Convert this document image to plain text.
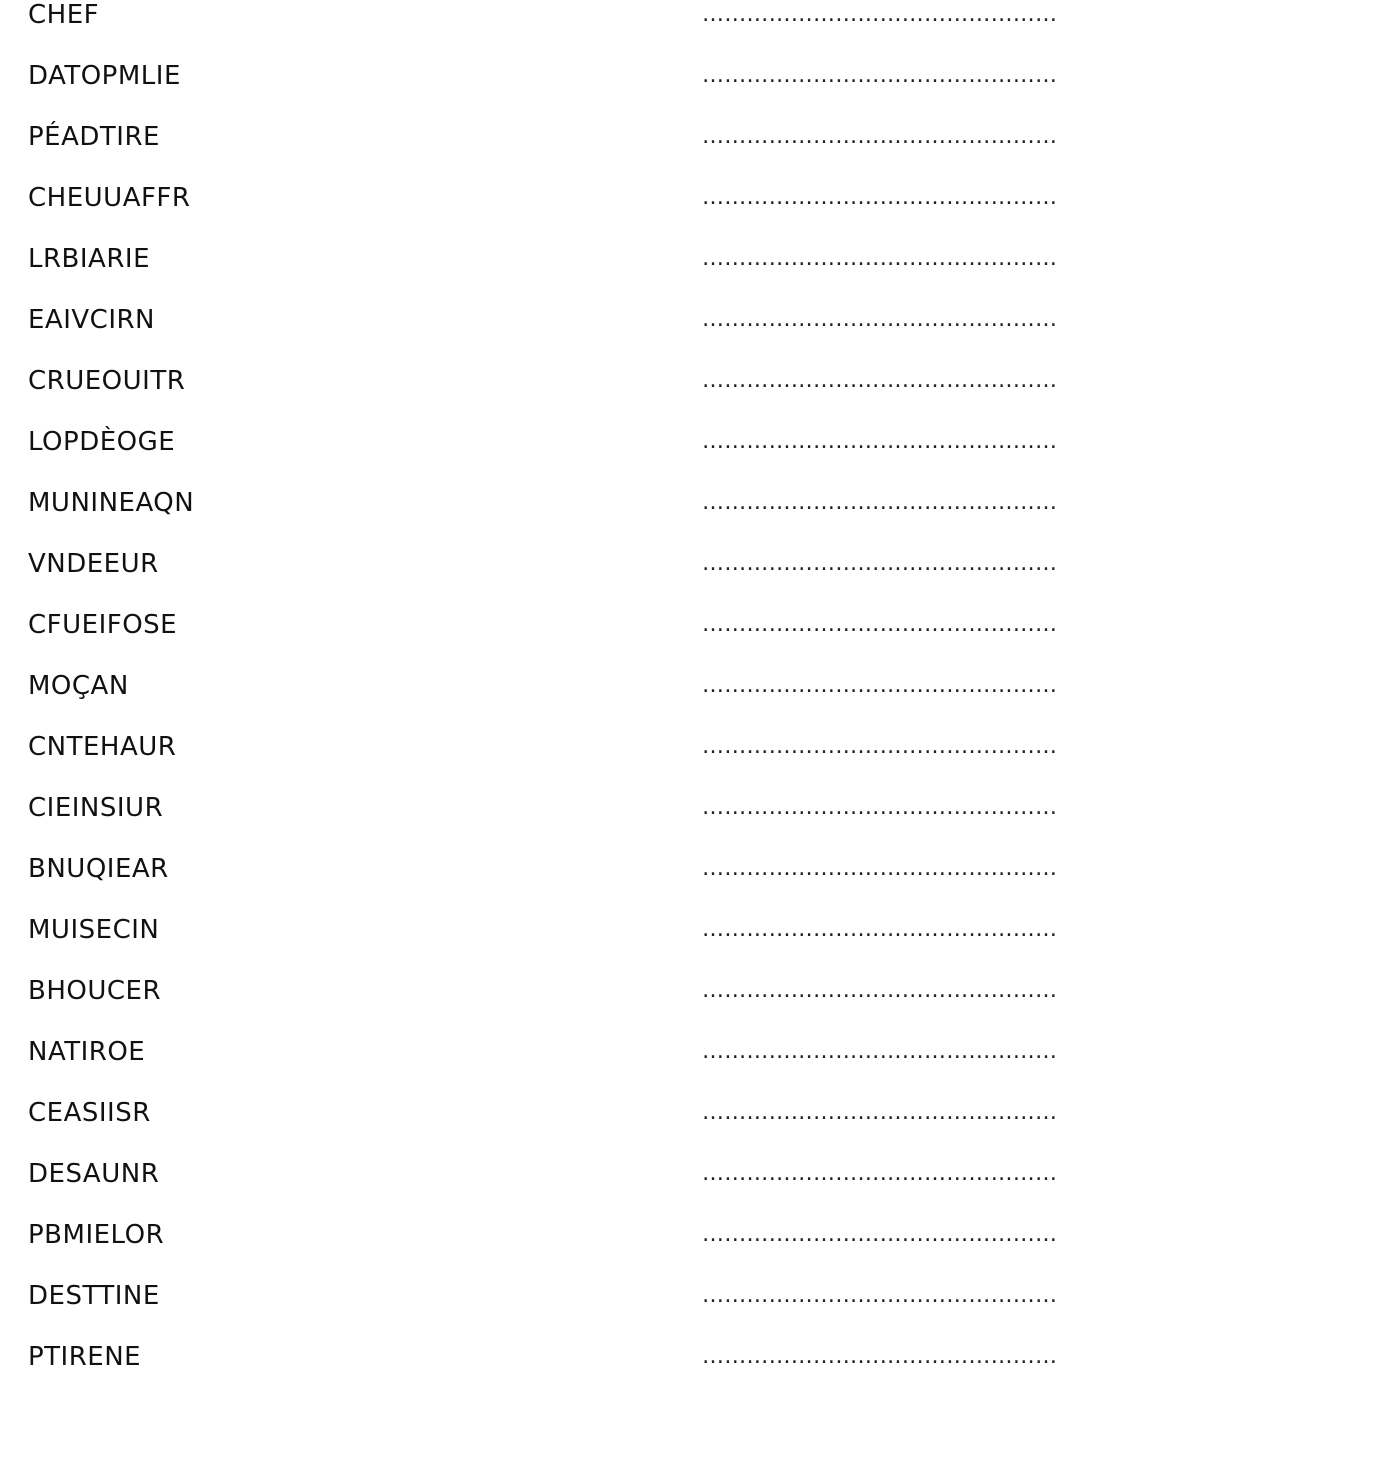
CHEF	…………………………………………
DATOPMLIE	…………………………………………
PÉADTIRE	…………………………………………
CHEUUAFFR	…………………………………………
LRBIARIE	…………………………………………
EAIVCIRN	…………………………………………
CRUEOUITR	…………………………………………
LOPDÈOGE	…………………………………………
MUNINEAQN	…………………………………………
VNDEEUR	…………………………………………
CFUEIFOSE	…………………………………………
MOÇAN	…………………………………………
CNTEHAUR	…………………………………………
CIEINSIUR	…………………………………………
BNUQIEAR	…………………………………………
MUISECIN	…………………………………………
BHOUCER	…………………………………………
NATIROE	…………………………………………
CEASIISR	…………………………………………
DESAUNR	…………………………………………
PBMIELOR	…………………………………………
DESTTINE	…………………………………………
PTIRENE	…………………………………………
